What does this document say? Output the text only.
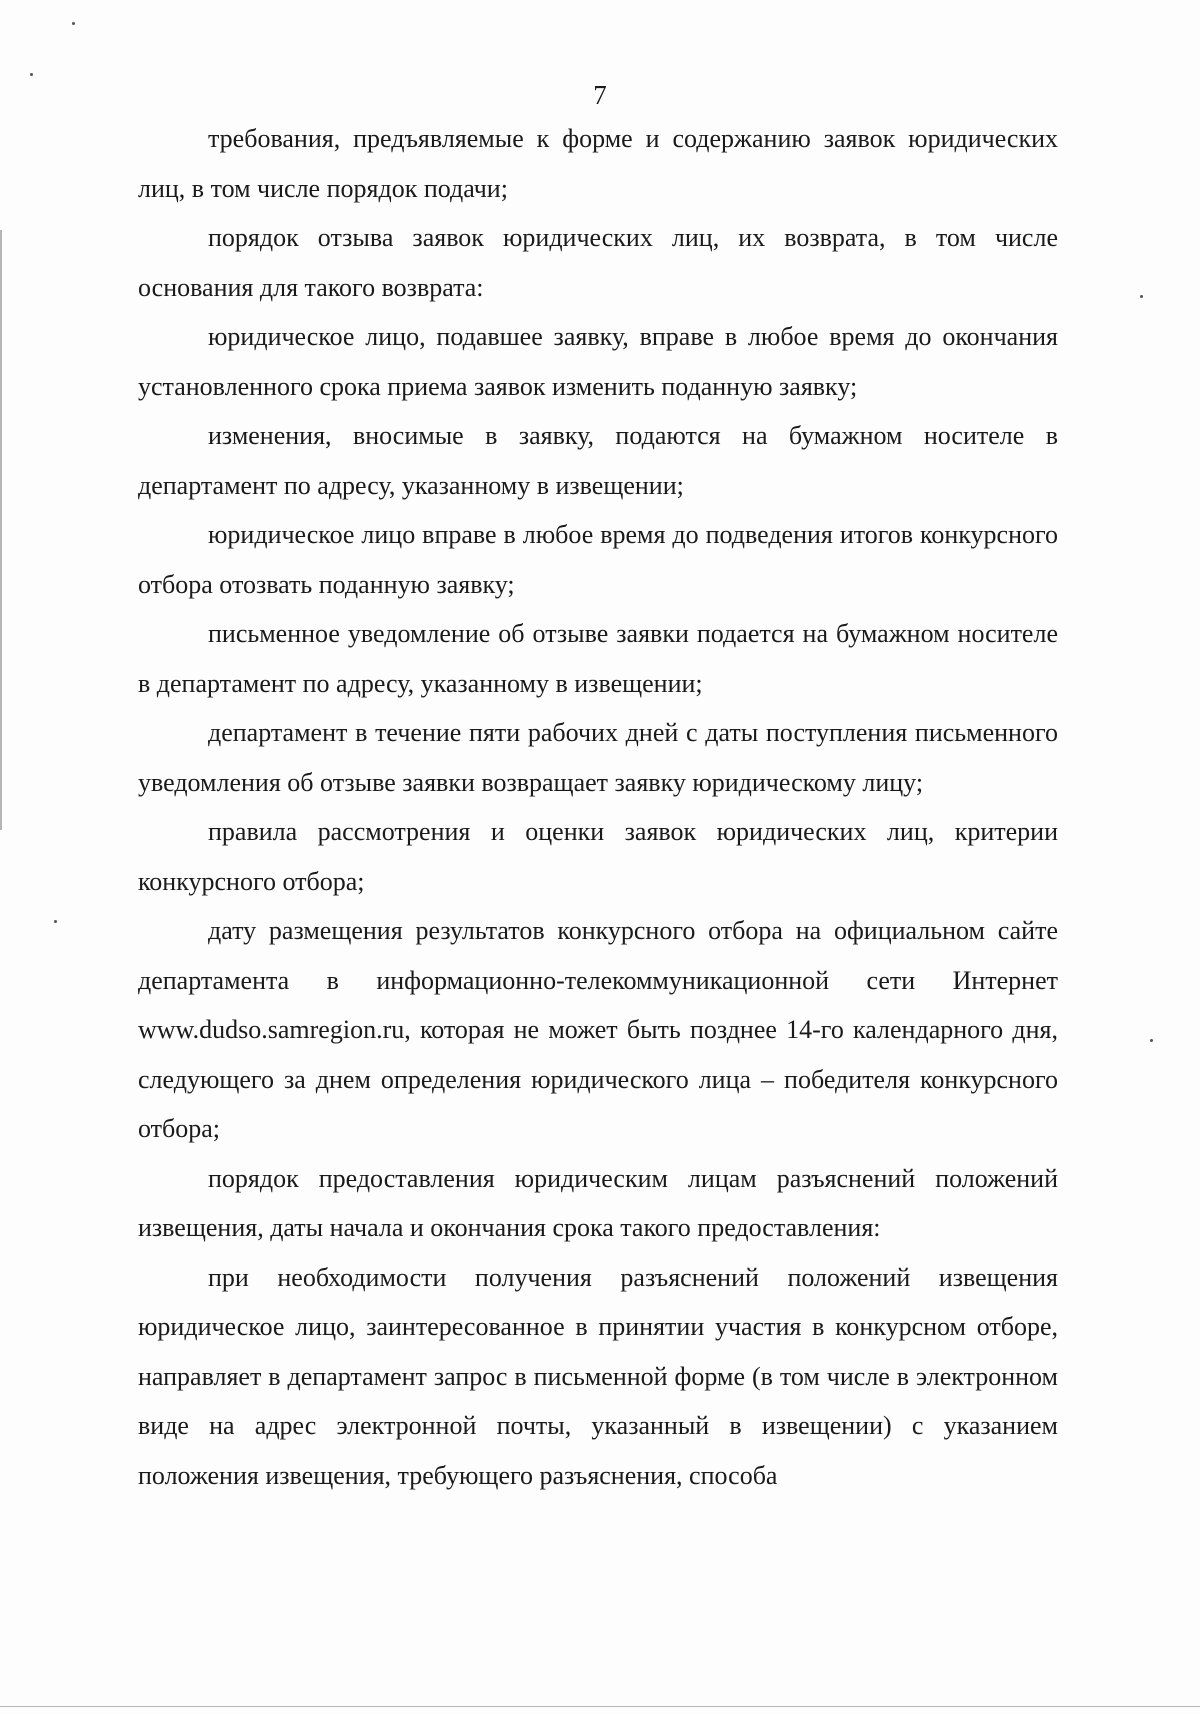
7

требования, предъявляемые к форме и содержанию заявок юридических лиц, в том числе порядок подачи;

порядок отзыва заявок юридических лиц, их возврата, в том числе основания для такого возврата:

юридическое лицо, подавшее заявку, вправе в любое время до окончания установленного срока приема заявок изменить поданную заявку;

изменения, вносимые в заявку, подаются на бумажном носителе в департамент по адресу, указанному в извещении;

юридическое лицо вправе в любое время до подведения итогов конкурсного отбора отозвать поданную заявку;

письменное уведомление об отзыве заявки подается на бумажном носителе в департамент по адресу, указанному в извещении;

департамент в течение пяти рабочих дней с даты поступления письменного уведомления об отзыве заявки возвращает заявку юридическому лицу;

правила рассмотрения и оценки заявок юридических лиц, критерии конкурсного отбора;

дату размещения результатов конкурсного отбора на официальном сайте департамента в информационно-телекоммуникационной сети Интернет www.dudso.samregion.ru, которая не может быть позднее 14-го календарного дня, следующего за днем определения юридического лица – победителя конкурсного отбора;

порядок предоставления юридическим лицам разъяснений положений извещения, даты начала и окончания срока такого предоставления:

при необходимости получения разъяснений положений извещения юридическое лицо, заинтересованное в принятии участия в конкурсном отборе, направляет в департамент запрос в письменной форме (в том числе в электронном виде на адрес электронной почты, указанный в извещении) с указанием положения извещения, требующего разъяснения, способа
